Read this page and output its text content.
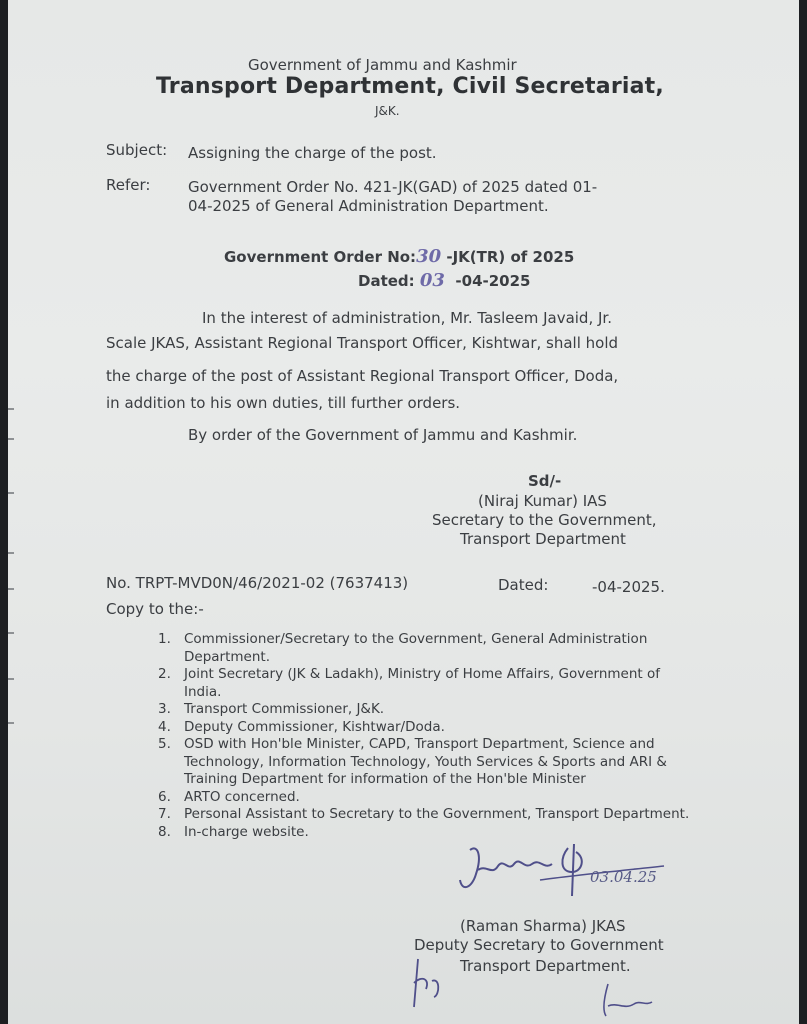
Government of Jammu and Kashmir
Transport Department, Civil Secretariat,
J&K.
Subject: Assigning the charge of the post.
Refer:	Government Order No. 421-JK(GAD) of 2025 dated 01-
04-2025 of General Administration Department.
Government Order No:30 -JK(TR) of 2025
Dated: 03 -04-2025
In the interest of administration, Mr. Tasleem Javaid, Jr.
Scale JKAS, Assistant Regional Transport Officer, Kishtwar, shall hold
the charge of the post of Assistant Regional Transport Officer, Doda,
in addition to his own duties, till further orders.
By order of the Government of Jammu and Kashmir.
Sd/-
(Niraj Kumar) IAS
Secretary to the Government,
Transport Department
No. TRPT-MVD0N/46/2021-02 (7637413)	Dated:	-04-2025.
Copy to the:-
1. Commissioner/Secretary to the Government, General Administration Department.
2. Joint Secretary (JK & Ladakh), Ministry of Home Affairs, Government of India.
3. Transport Commissioner, J&K.
4. Deputy Commissioner, Kishtwar/Doda.
5. OSD with Hon'ble Minister, CAPD, Transport Department, Science and Technology, Information Technology, Youth Services & Sports and ARI & Training Department for information of the Hon'ble Minister
6. ARTO concerned.
7. Personal Assistant to Secretary to the Government, Transport Department.
8. In-charge website.
03.04.25
(Raman Sharma) JKAS
Deputy Secretary to Government
Transport Department.
